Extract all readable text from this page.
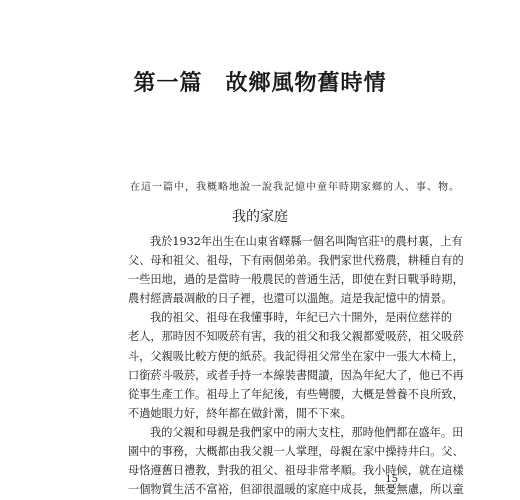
第一篇　故鄉風物舊時情

在這一篇中，我概略地說一說我記憶中童年時期家鄉的人、事、物。

我的家庭
我於1932年出生在山東省嶧縣一個名叫陶官莊¹的農村裏，上有
父、母和祖父、祖母，下有兩個弟弟。我們家世代務農，耕種自有的
一些田地，過的是當時一般農民的普通生活，即使在對日戰爭時期，
農村經濟最凋敝的日子裡，也還可以溫飽。這是我記憶中的情景。
我的祖父、祖母在我懂事時，年紀已六十開外，是兩位慈祥的
老人，那時因不知吸菸有害，我的祖父和我父親都愛吸菸，祖父吸菸
斗，父親吸比較方便的紙菸。我記得祖父常坐在家中一張大木椅上，
口銜菸斗吸菸，或者手持一本線裝書閱讀，因為年紀大了，他已不再
從事生產工作。祖母上了年紀後，有些彎腰，大概是營養不良所致，
不過她眼力好，終年都在做針黹，閒不下來。
我的父親和母親是我們家中的兩大支柱，那時他們都在盛年。田
園中的事務，大概都由我父親一人掌理，母親在家中操持井臼。父、
母恪遵舊日禮教，對我的祖父、祖母非常孝順。我小時候，就在這樣
一個物質生活不富裕，但卻很溫暖的家庭中成長，無憂無慮，所以童

15
